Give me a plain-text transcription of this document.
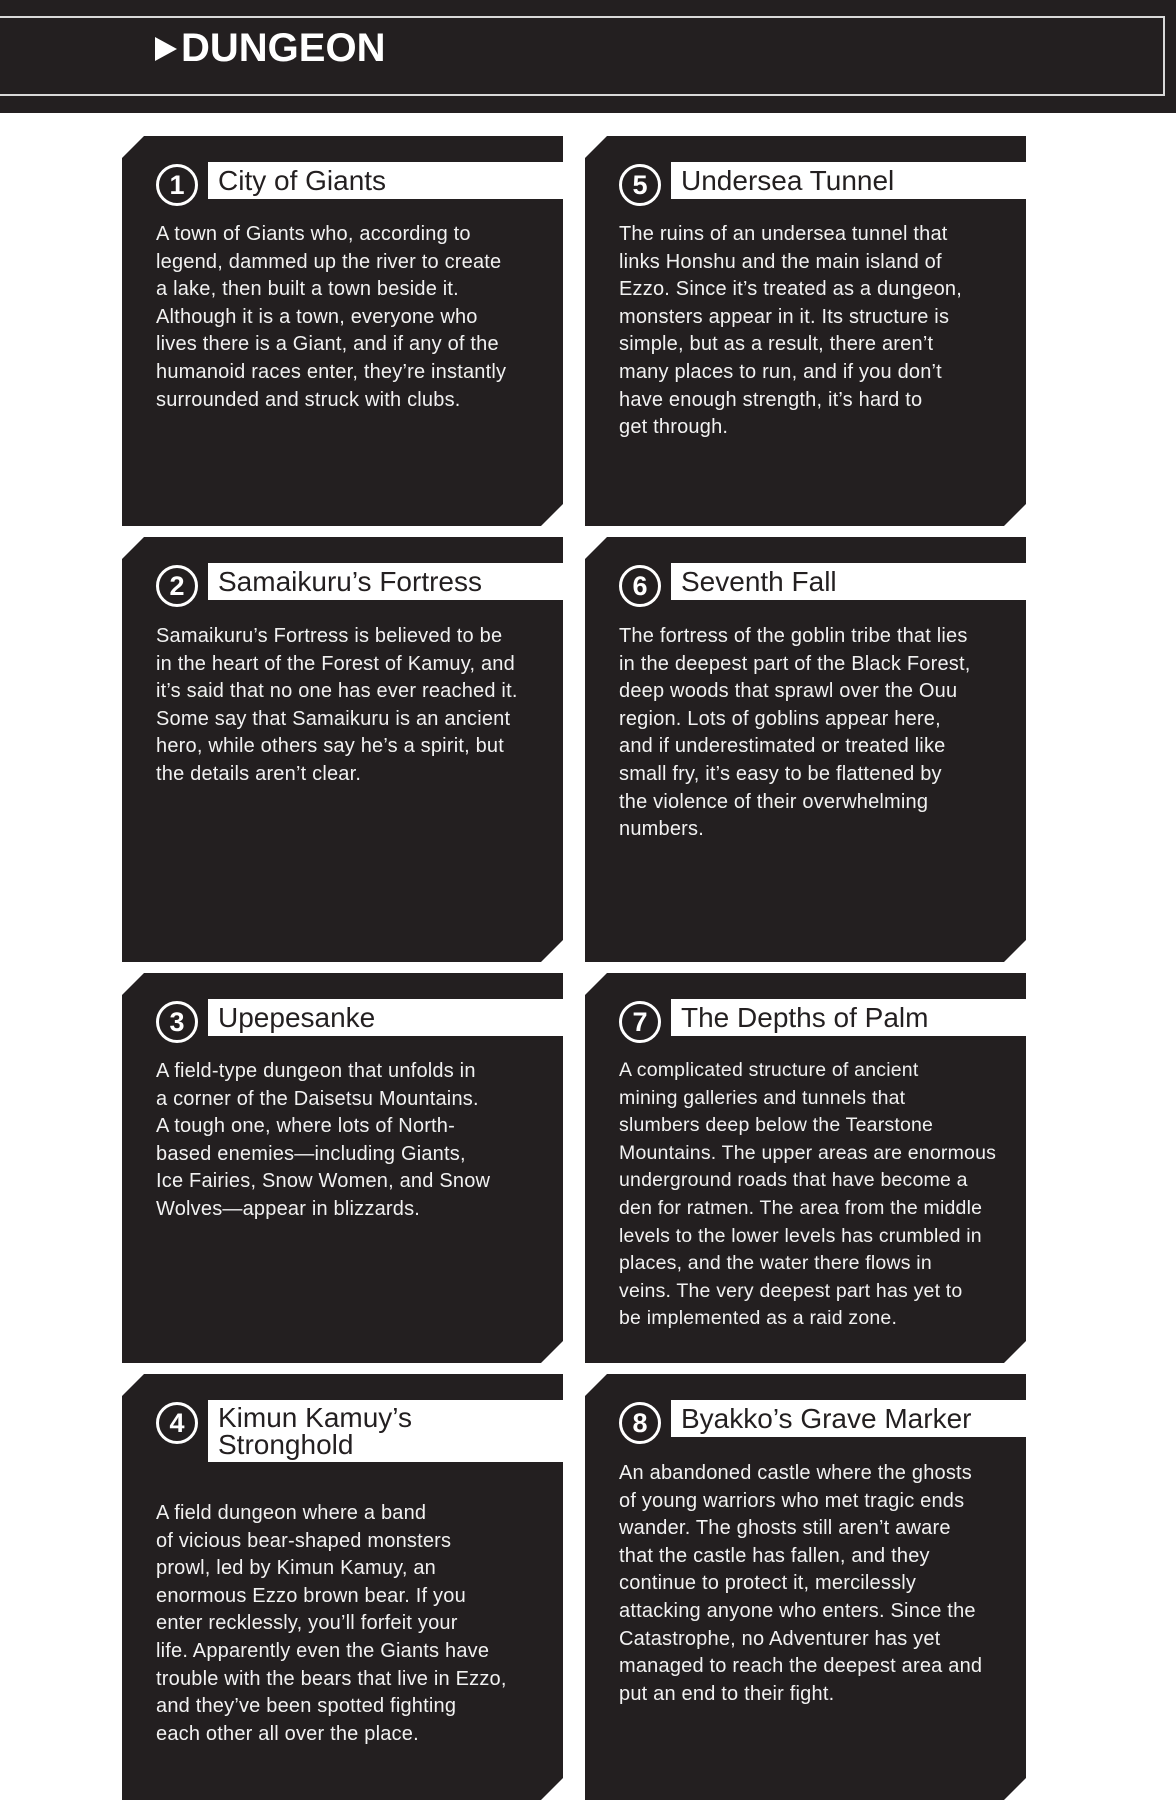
DUNGEON
1	City of Giants
A town of Giants who, according to
legend, dammed up the river to create
a lake, then built a town beside it.
Although it is a town, everyone who
lives there is a Giant, and if any of the
humanoid races enter, they’re instantly
surrounded and struck with clubs.
2	Samaikuru’s Fortress
Samaikuru’s Fortress is believed to be
in the heart of the Forest of Kamuy, and
it’s said that no one has ever reached it.
Some say that Samaikuru is an ancient
hero, while others say he’s a spirit, but
the details aren’t clear.
3	Upepesanke
A field-type dungeon that unfolds in
a corner of the Daisetsu Mountains.
A tough one, where lots of North-
based enemies—including Giants,
Ice Fairies, Snow Women, and Snow
Wolves—appear in blizzards.
4	Kimun Kamuy’s
Stronghold
A field dungeon where a band
of vicious bear-shaped monsters
prowl, led by Kimun Kamuy, an
enormous Ezzo brown bear. If you
enter recklessly, you’ll forfeit your
life. Apparently even the Giants have
trouble with the bears that live in Ezzo,
and they’ve been spotted fighting
each other all over the place.
5	Undersea Tunnel
The ruins of an undersea tunnel that
links Honshu and the main island of
Ezzo. Since it’s treated as a dungeon,
monsters appear in it. Its structure is
simple, but as a result, there aren’t
many places to run, and if you don’t
have enough strength, it’s hard to
get through.
6	Seventh Fall
The fortress of the goblin tribe that lies
in the deepest part of the Black Forest,
deep woods that sprawl over the Ouu
region. Lots of goblins appear here,
and if underestimated or treated like
small fry, it’s easy to be flattened by
the violence of their overwhelming
numbers.
7	The Depths of Palm
A complicated structure of ancient
mining galleries and tunnels that
slumbers deep below the Tearstone
Mountains. The upper areas are enormous
underground roads that have become a
den for ratmen. The area from the middle
levels to the lower levels has crumbled in
places, and the water there flows in
veins. The very deepest part has yet to
be implemented as a raid zone.
8	Byakko’s Grave Marker
An abandoned castle where the ghosts
of young warriors who met tragic ends
wander. The ghosts still aren’t aware
that the castle has fallen, and they
continue to protect it, mercilessly
attacking anyone who enters. Since the
Catastrophe, no Adventurer has yet
managed to reach the deepest area and
put an end to their fight.
